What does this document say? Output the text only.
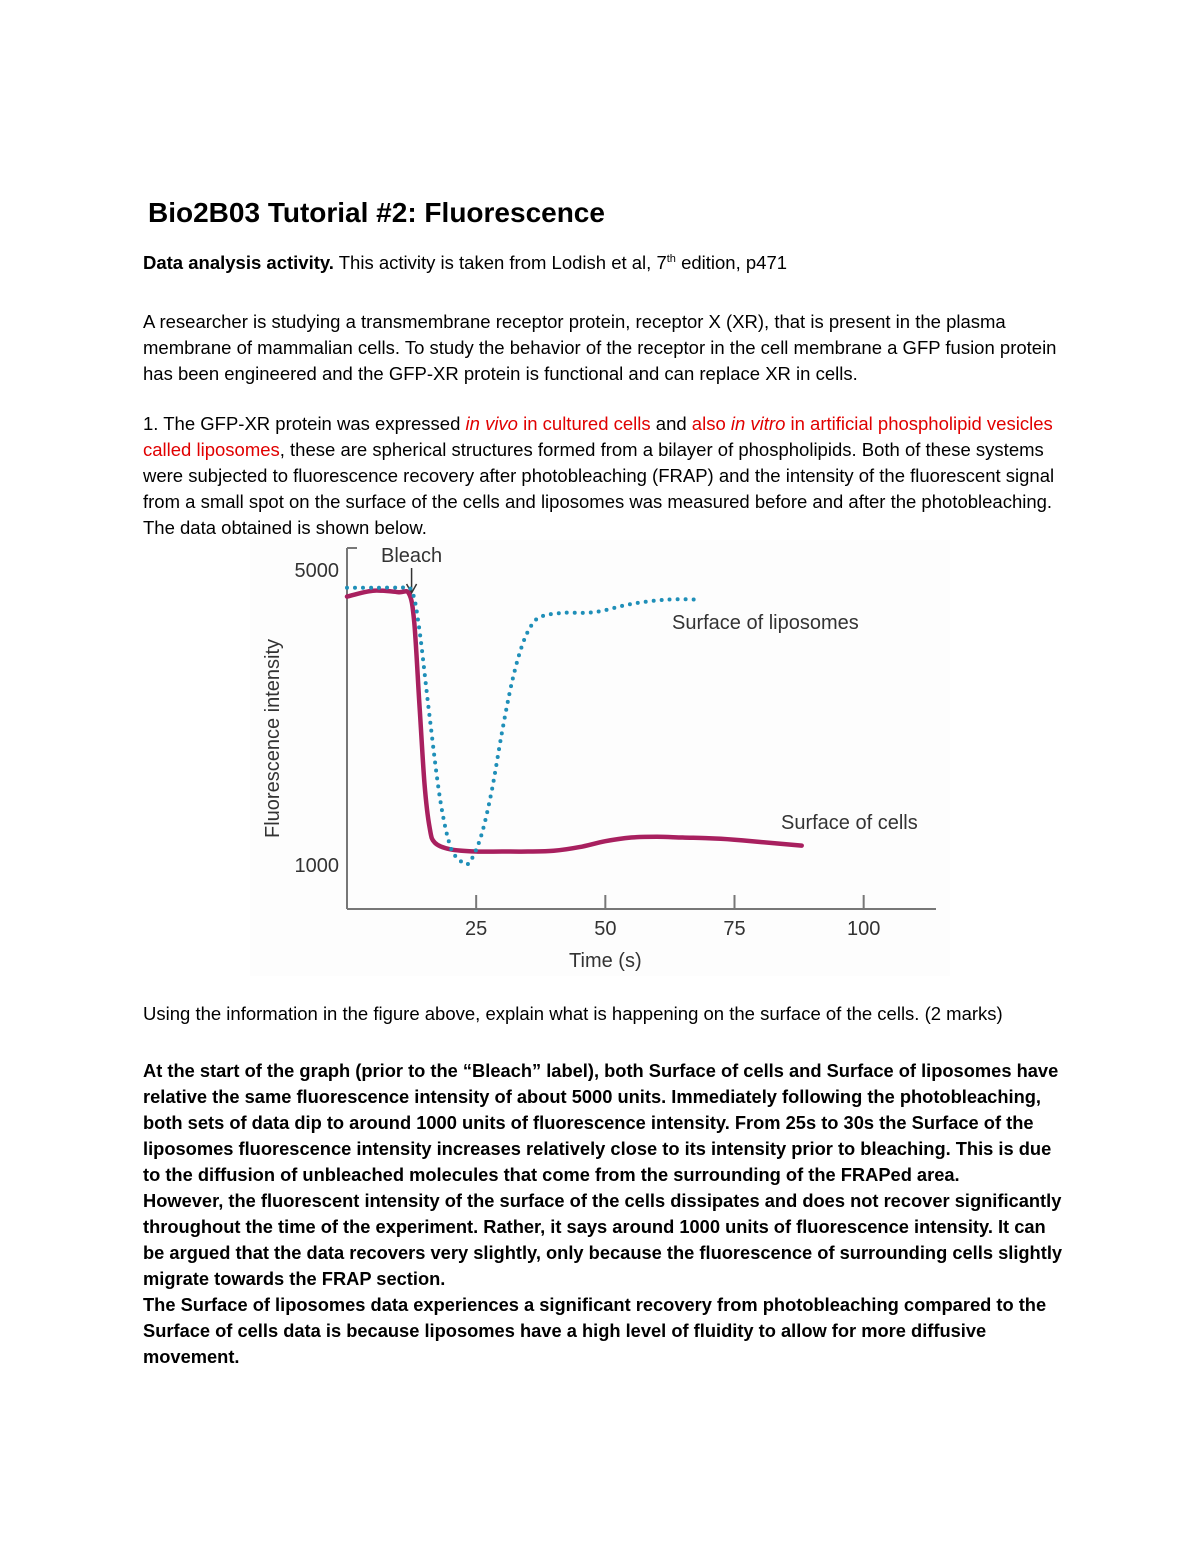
Bio2B03 Tutorial #2: Fluorescence
Data analysis activity. This activity is taken from Lodish et al, 7th edition, p471

A researcher is studying a transmembrane receptor protein, receptor X (XR), that is present in the plasma membrane of mammalian cells. To study the behavior of the receptor in the cell membrane a GFP fusion protein has been engineered and the GFP-XR protein is functional and can replace XR in cells.

1. The GFP-XR protein was expressed in vivo in cultured cells and also in vitro in artificial phospholipid vesicles called liposomes, these are spherical structures formed from a bilayer of phospholipids. Both of these systems were subjected to fluorescence recovery after photobleaching (FRAP) and the intensity of the fluorescent signal from a small spot on the surface of the cells and liposomes was measured before and after the photobleaching. The data obtained is shown below.

25	50	75	100
1000
5000
Fluorescence intensity
Time (s)
Bleach
Surface of liposomes
Surface of cells

Using the information in the figure above, explain what is happening on the surface of the cells. (2 marks)

At the start of the graph (prior to the “Bleach” label), both Surface of cells and Surface of liposomes have relative the same fluorescence intensity of about 5000 units. Immediately following the photobleaching, both sets of data dip to around 1000 units of fluorescence intensity. From 25s to 30s the Surface of the liposomes fluorescence intensity increases relatively close to its intensity prior to bleaching. This is due to the diffusion of unbleached molecules that come from the surrounding of the FRAPed area.

However, the fluorescent intensity of the surface of the cells dissipates and does not recover significantly throughout the time of the experiment. Rather, it says around 1000 units of fluorescence intensity. It can be argued that the data recovers very slightly, only because the fluorescence of surrounding cells slightly migrate towards the FRAP section.

The Surface of liposomes data experiences a significant recovery from photobleaching compared to the Surface of cells data is because liposomes have a high level of fluidity to allow for more diffusive movement.
